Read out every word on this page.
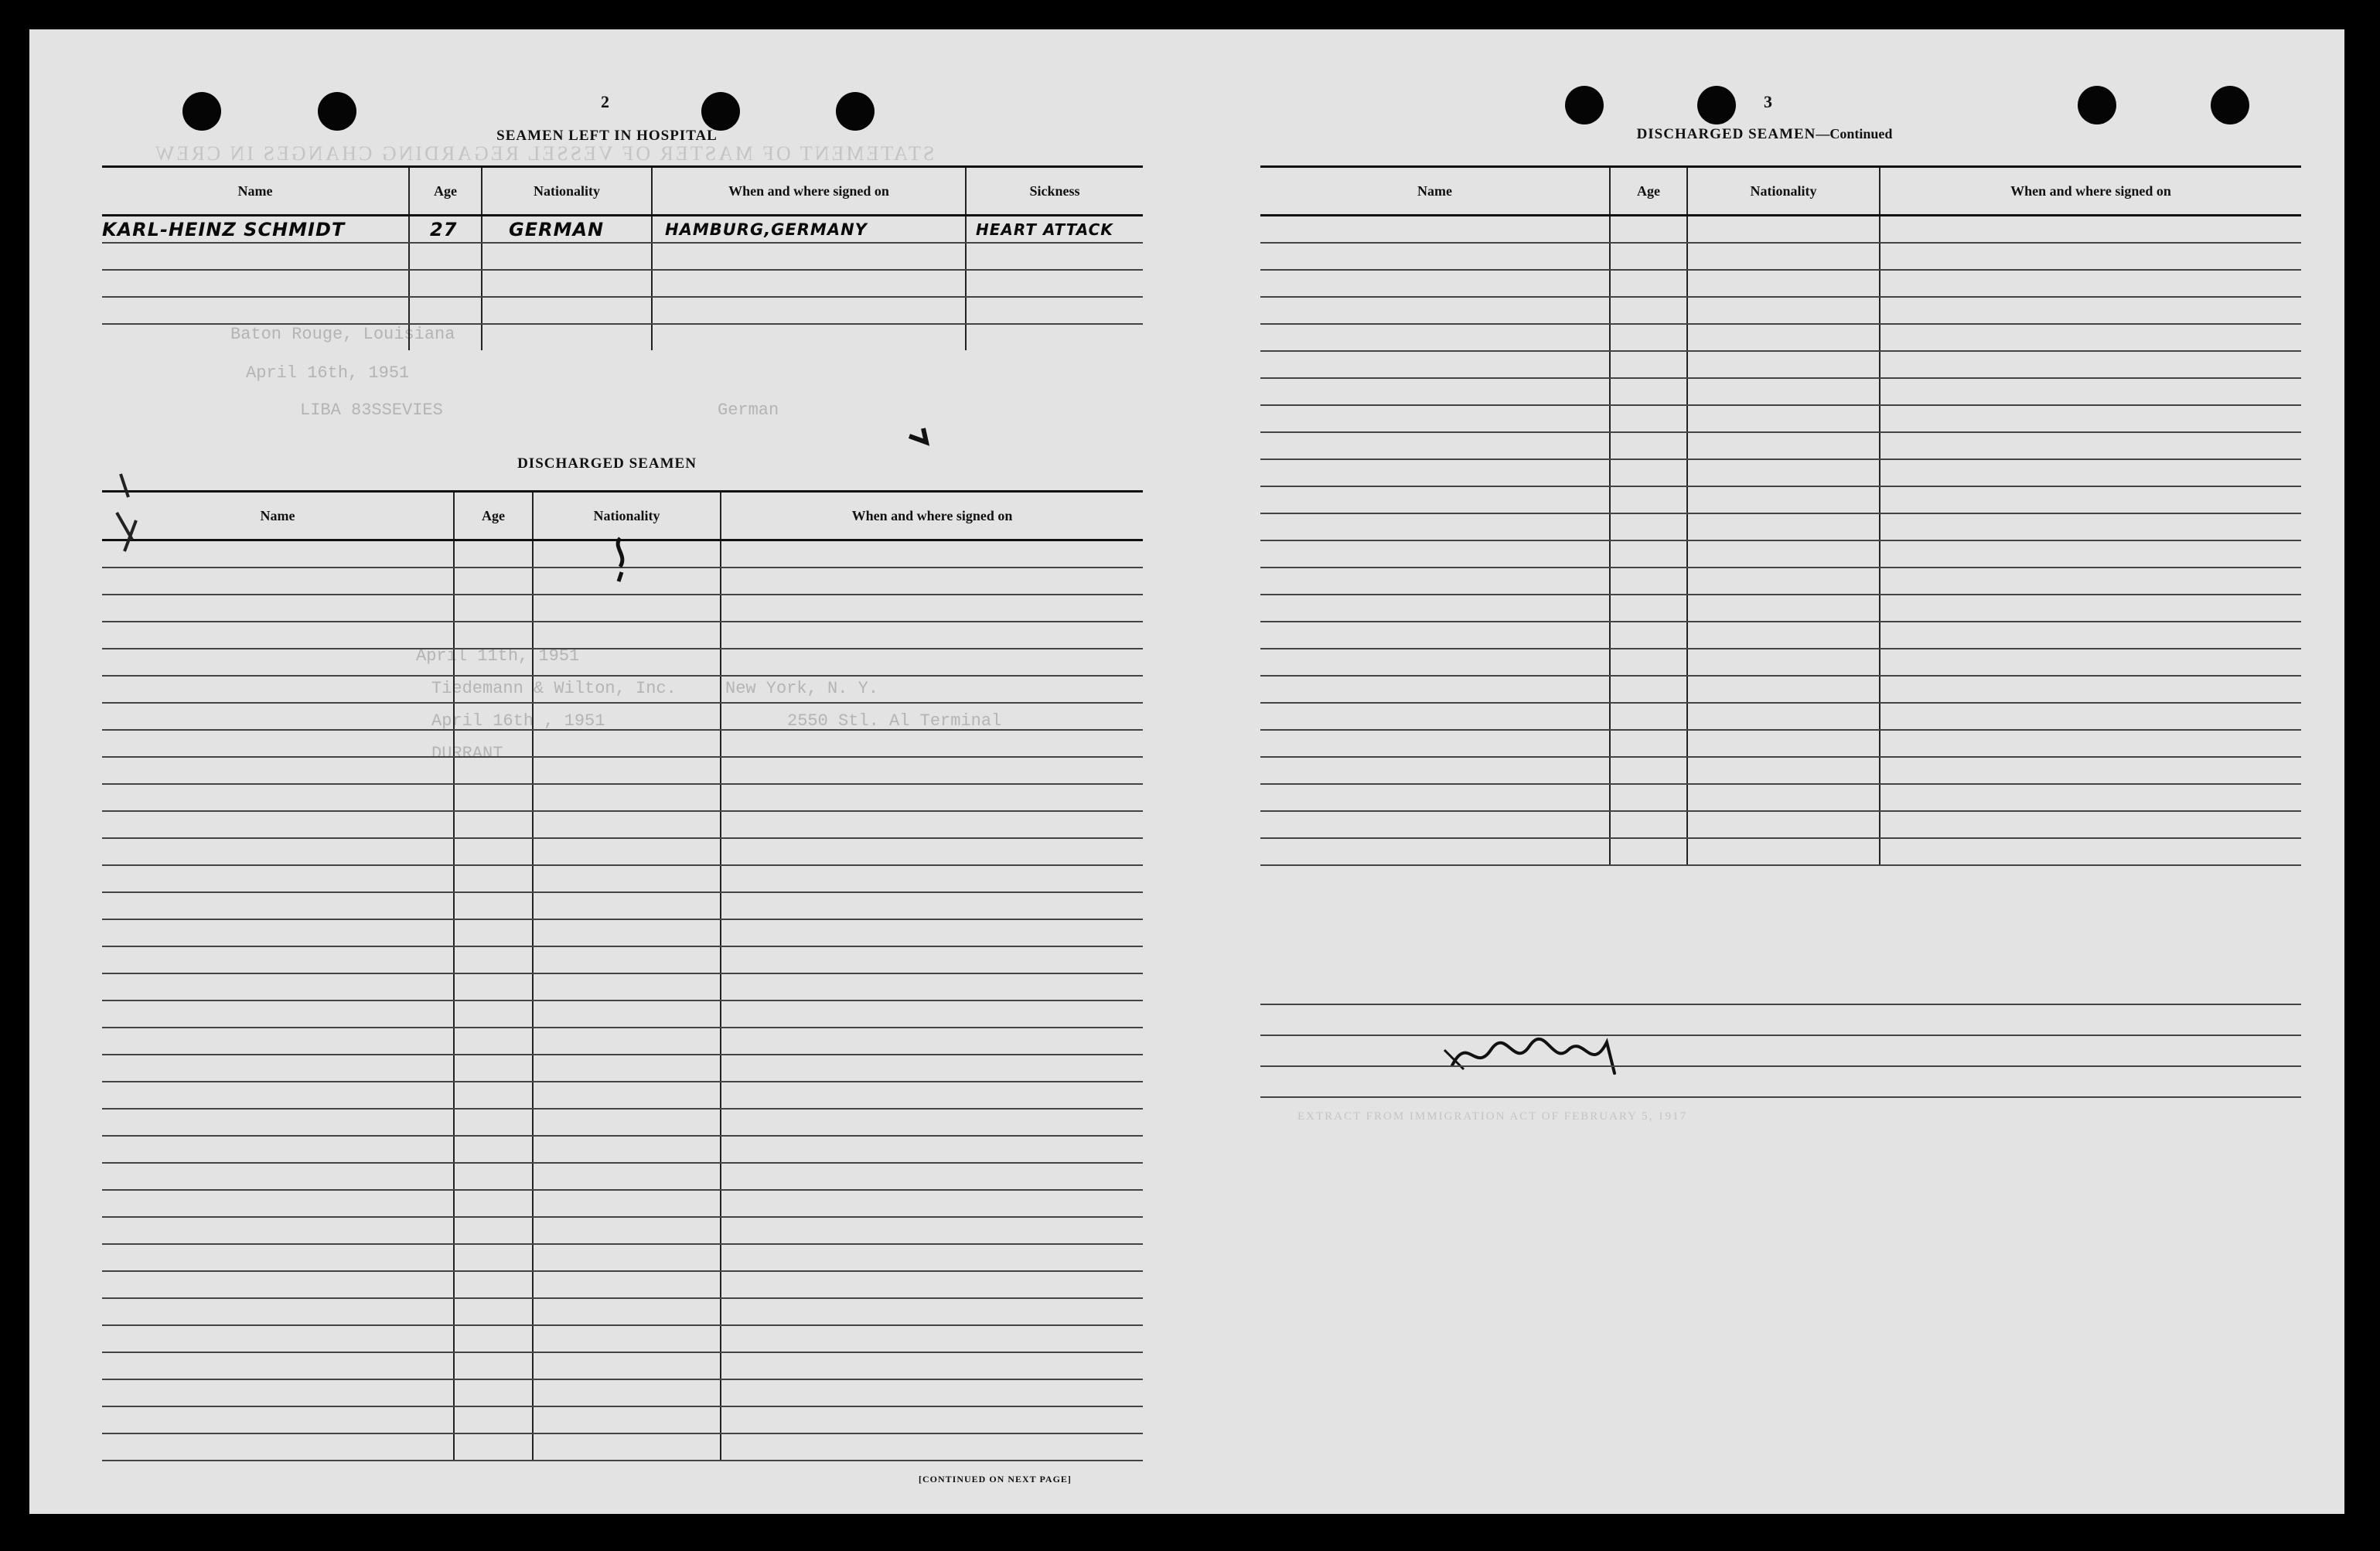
STATEMENT OF MASTER OF VESSEL REGARDING CHANGES IN CREW
Baton Rouge, Louisiana
April 16th, 1951
LIBA 83SSEVIES	German
April 11th, 1951
Tiedemann & Wilton, Inc.	New York, N. Y.
April 16th , 1951	2550 Stl. Al Terminal
DURRANT
EXTRACT FROM IMMIGRATION ACT OF FEBRUARY 5, 1917
2
SEAMEN LEFT IN HOSPITAL
3
DISCHARGED SEAMEN—Continued
DISCHARGED SEAMEN
Name	Age	Nationality	When and where signed on	Sickness
KARL-HEINZ SCHMIDT	27	GERMAN	HAMBURG,GERMANY	HEART ATTACK

Name	Age	Nationality	When and where signed on

[CONTINUED ON NEXT PAGE]
Name	Age	Nationality	When and where signed on
